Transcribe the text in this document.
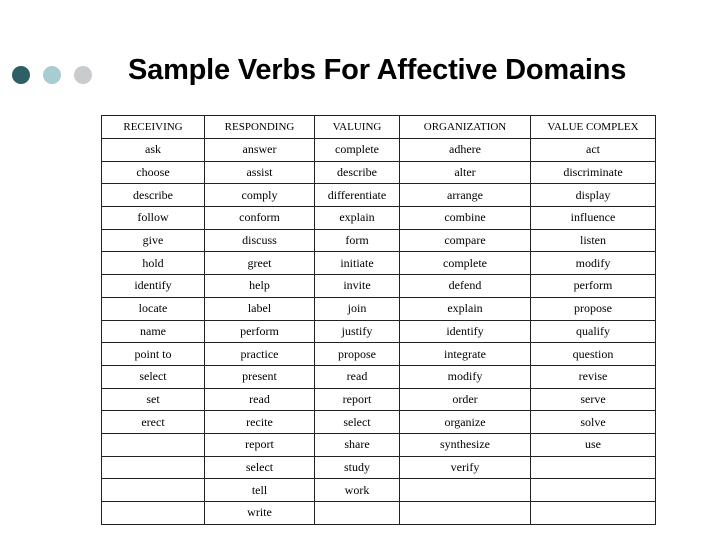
Sample Verbs For Affective Domains
RECEIVING	RESPONDING	VALUING	ORGANIZATION	VALUE COMPLEX
ask	answer	complete	adhere	act
choose	assist	describe	alter	discriminate
describe	comply	differentiate	arrange	display
follow	conform	explain	combine	influence
give	discuss	form	compare	listen
hold	greet	initiate	complete	modify
identify	help	invite	defend	perform
locate	label	join	explain	propose
name	perform	justify	identify	qualify
point to	practice	propose	integrate	question
select	present	read	modify	revise
set	read	report	order	serve
erect	recite	select	organize	solve
	report	share	synthesize	use
	select	study	verify	
	tell	work		
	write			
